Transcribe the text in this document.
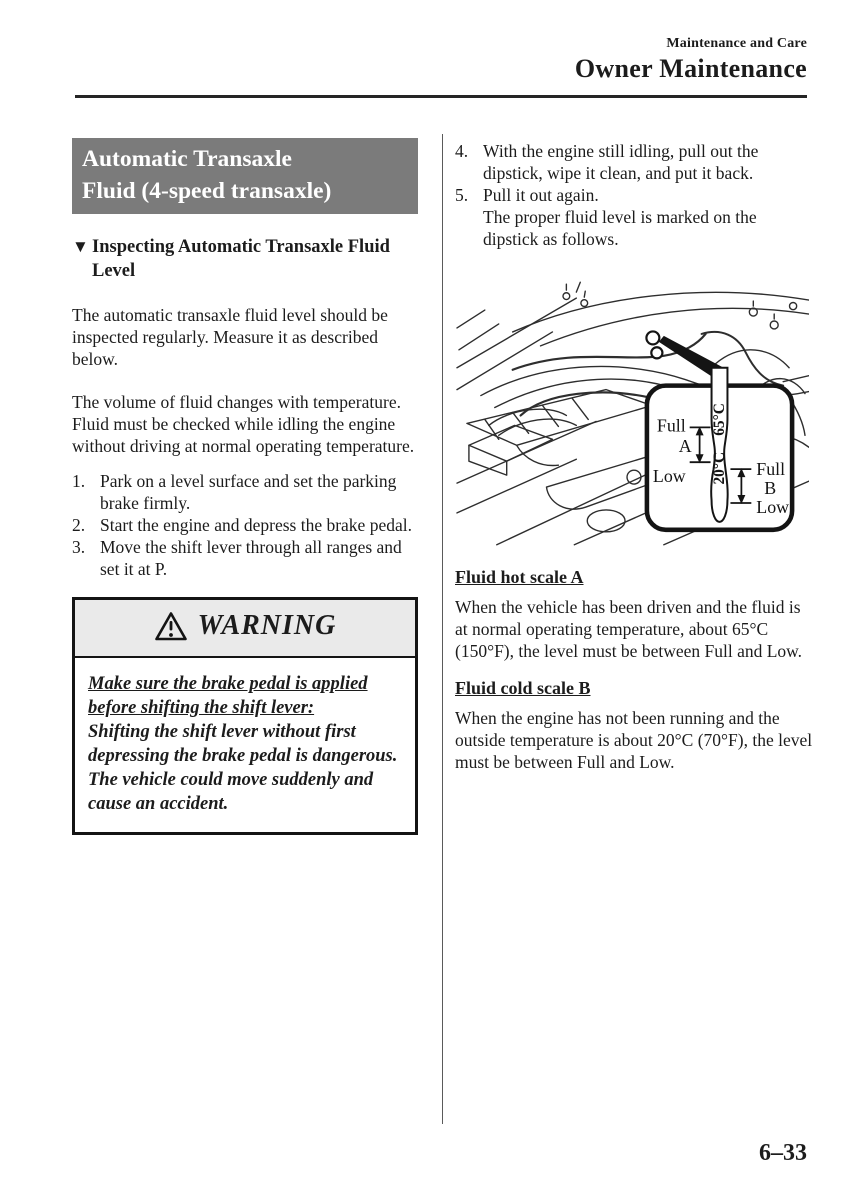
Maintenance and Care
Owner Maintenance
Automatic Transaxle
Fluid (4-speed transaxle)
▼ Inspecting Automatic Transaxle Fluid Level

The automatic transaxle fluid level should be inspected regularly. Measure it as described below.

The volume of fluid changes with temperature. Fluid must be checked while idling the engine without driving at normal operating temperature.

1. Park on a level surface and set the parking brake firmly.
2. Start the engine and depress the brake pedal.
3. Move the shift lever through all ranges and set it at P.
WARNING
Make sure the brake pedal is applied before shifting the shift lever:
Shifting the shift lever without first depressing the brake pedal is dangerous. The vehicle could move suddenly and cause an accident.
4. With the engine still idling, pull out the dipstick, wipe it clean, and put it back.
5. Pull it out again.
The proper fluid level is marked on the dipstick as follows.
65°C
20°C
Full
A
Low	Full
B
Low
Fluid hot scale A

When the vehicle has been driven and the fluid is at normal operating temperature, about 65°C (150°F), the level must be between Full and Low.

Fluid cold scale B

When the engine has not been running and the outside temperature is about 20°C (70°F), the level must be between Full and Low.

6–33
